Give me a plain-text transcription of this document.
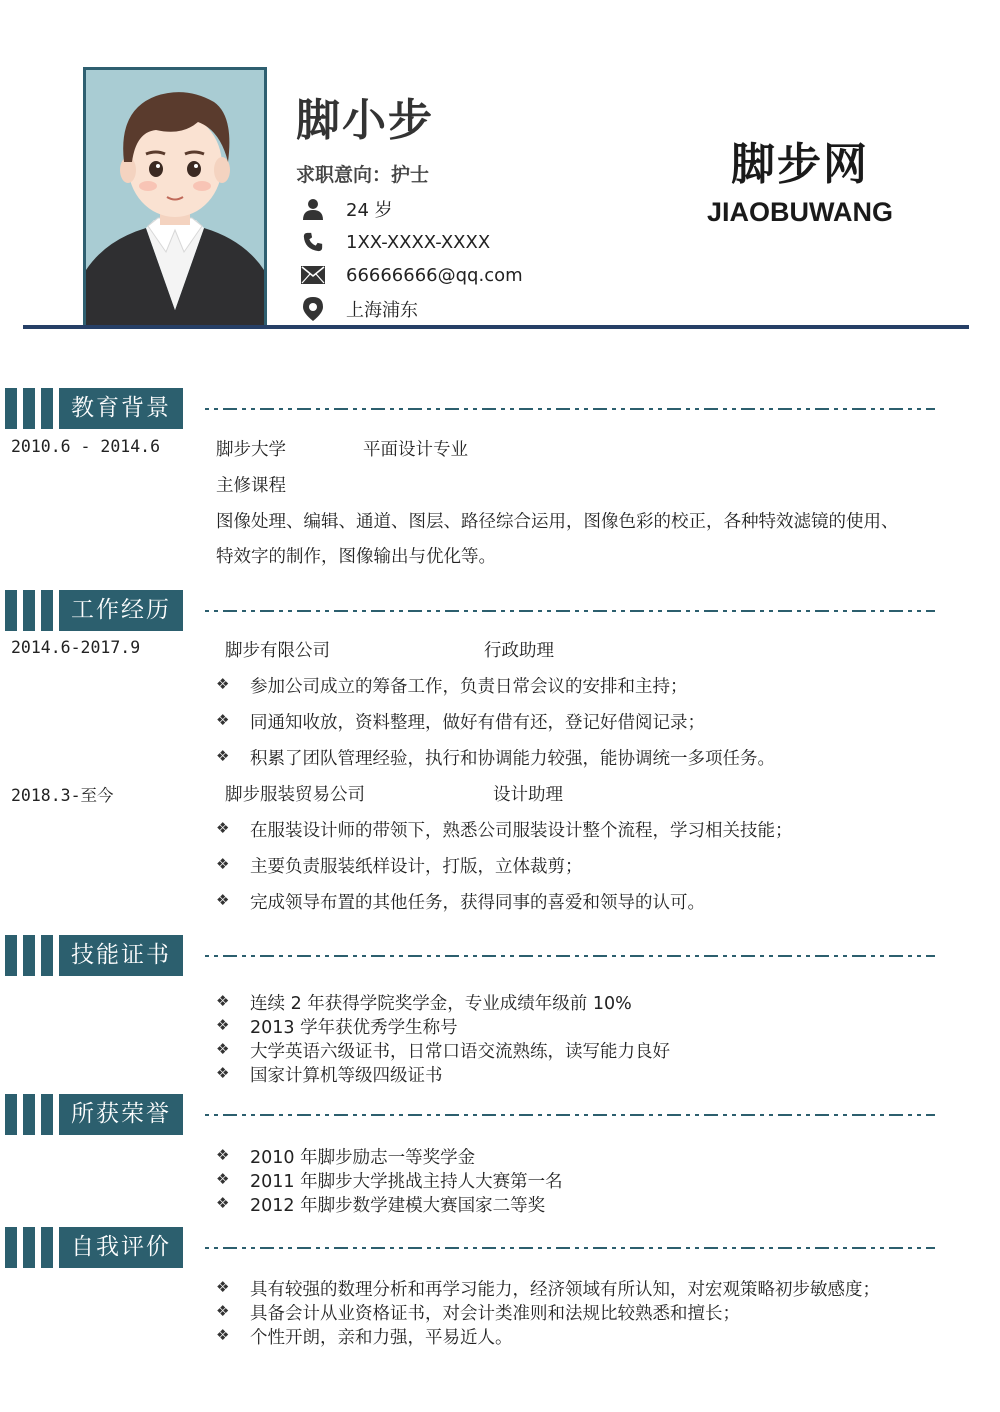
脚小步
求职意向：护士
24 岁
1XX-XXXX-XXXX
66666666@qq.com
上海浦东
脚步网
JIAOBUWANG
教育背景
2010.6 - 2014.6	脚步大学	平面设计专业
主修课程
图像处理、编辑、通道、图层、路径综合运用，图像色彩的校正，各种特效滤镜的使用、
特效字的制作，图像输出与优化等。
工作经历
2014.6-2017.9	脚步有限公司	行政助理
❖ 参加公司成立的筹备工作，负责日常会议的安排和主持；
❖ 同通知收放，资料整理，做好有借有还，登记好借阅记录；
❖ 积累了团队管理经验，执行和协调能力较强，能协调统一多项任务。
2018.3-至今	脚步服装贸易公司	设计助理
❖ 在服装设计师的带领下，熟悉公司服装设计整个流程，学习相关技能；
❖ 主要负责服装纸样设计，打版，立体裁剪；
❖ 完成领导布置的其他任务，获得同事的喜爱和领导的认可。
技能证书
❖ 连续 2 年获得学院奖学金，专业成绩年级前 10%
❖ 2013 学年获优秀学生称号
❖ 大学英语六级证书，日常口语交流熟练，读写能力良好
❖ 国家计算机等级四级证书
所获荣誉
❖ 2010 年脚步励志一等奖学金
❖ 2011 年脚步大学挑战主持人大赛第一名
❖ 2012 年脚步数学建模大赛国家二等奖
自我评价
❖ 具有较强的数理分析和再学习能力，经济领域有所认知，对宏观策略初步敏感度；
❖ 具备会计从业资格证书，对会计类准则和法规比较熟悉和擅长；
❖ 个性开朗，亲和力强，平易近人。
